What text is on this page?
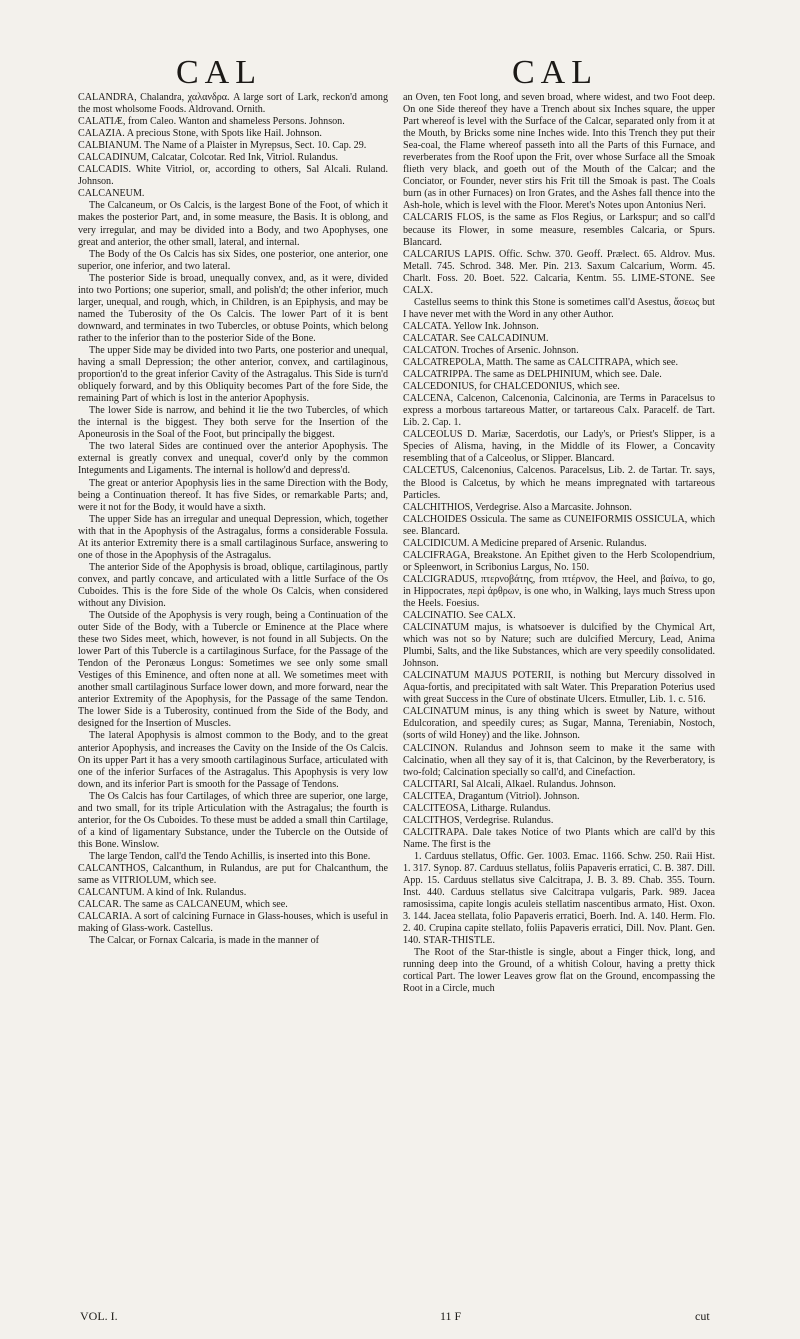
CAL	CAL

CALANDRA, Chalandra, χαλανδρα. A large sort of Lark, reckon'd among the most wholsome Foods. Aldrovand. Ornith.

CALATIÆ, from Caleo. Wanton and shameless Persons. Johnson.

CALAZIA. A precious Stone, with Spots like Hail. Johnson.

CALBIANUM. The Name of a Plaister in Myrepsus, Sect. 10. Cap. 29.

CALCADINUM, Calcatar, Colcotar. Red Ink, Vitriol. Rulandus.

CALCADIS. White Vitriol, or, according to others, Sal Alcali. Ruland. Johnson.

CALCANEUM.

The Calcaneum, or Os Calcis, is the largest Bone of the Foot, of which it makes the posterior Part, and, in some measure, the Basis. It is oblong, and very irregular, and may be divided into a Body, and two Apophyses, one great and anterior, the other small, lateral, and internal.

The Body of the Os Calcis has six Sides, one posterior, one anterior, one superior, one inferior, and two lateral.

The posterior Side is broad, unequally convex, and, as it were, divided into two Portions; one superior, small, and polish'd; the other inferior, much larger, unequal, and rough, which, in Children, is an Epiphysis, and may be named the Tuberosity of the Os Calcis. The lower Part of it is bent downward, and terminates in two Tubercles, or obtuse Points, which belong rather to the inferior than to the posterior Side of the Bone.

The upper Side may be divided into two Parts, one posterior and unequal, having a small Depression; the other anterior, convex, and cartilaginous, proportion'd to the great inferior Cavity of the Astragalus. This Side is turn'd obliquely forward, and by this Obliquity becomes Part of the fore Side, the remaining Part of which is lost in the anterior Apophysis.

The lower Side is narrow, and behind it lie the two Tubercles, of which the internal is the biggest. They both serve for the Insertion of the Aponeurosis in the Soal of the Foot, but principally the biggest.

The two lateral Sides are continued over the anterior Apophysis. The external is greatly convex and unequal, cover'd only by the common Integuments and Ligaments. The internal is hollow'd and depress'd.

The great or anterior Apophysis lies in the same Direction with the Body, being a Continuation thereof. It has five Sides, or remarkable Parts; and, were it not for the Body, it would have a sixth.

The upper Side has an irregular and unequal Depression, which, together with that in the Apophysis of the Astragalus, forms a considerable Fossula. At its anterior Extremity there is a small cartilaginous Surface, answering to one of those in the Apophysis of the Astragalus.

The anterior Side of the Apophysis is broad, oblique, cartilaginous, partly convex, and partly concave, and articulated with a little Surface of the Os Cuboides. This is the fore Side of the whole Os Calcis, when considered without any Division.

The Outside of the Apophysis is very rough, being a Continuation of the outer Side of the Body, with a Tubercle or Eminence at the Place where these two Sides meet, which, however, is not found in all Subjects. On the lower Part of this Tubercle is a cartilaginous Surface, for the Passage of the Tendon of the Peronæus Longus: Sometimes we see only some small Vestiges of this Eminence, and often none at all. We sometimes meet with another small cartilaginous Surface lower down, and more forward, near the anterior Extremity of the Apophysis, for the Passage of the same Tendon. The lower Side is a Tuberosity, continued from the Side of the Body, and designed for the Insertion of Muscles.

The lateral Apophysis is almost common to the Body, and to the great anterior Apophysis, and increases the Cavity on the Inside of the Os Calcis. On its upper Part it has a very smooth cartilaginous Surface, articulated with one of the inferior Surfaces of the Astragalus. This Apophysis is very low down, and its inferior Part is smooth for the Passage of Tendons.

The Os Calcis has four Cartilages, of which three are superior, one large, and two small, for its triple Articulation with the Astragalus; the fourth is anterior, for the Os Cuboides. To these must be added a small thin Cartilage, of a kind of ligamentary Substance, under the Tubercle on the Outside of this Bone. Winslow.

The large Tendon, call'd the Tendo Achillis, is inserted into this Bone.

CALCANTHOS, Calcanthum, in Rulandus, are put for Chalcanthum, the same as VITRIOLUM, which see.

CALCANTUM. A kind of Ink. Rulandus.

CALCAR. The same as CALCANEUM, which see.

CALCARIA. A sort of calcining Furnace in Glass-houses, which is useful in making of Glass-work. Castellus.

The Calcar, or Fornax Calcaria, is made in the manner of

an Oven, ten Foot long, and seven broad, where widest, and two Foot deep. On one Side thereof they have a Trench about six Inches square, the upper Part whereof is level with the Surface of the Calcar, separated only from it at the Mouth, by Bricks some nine Inches wide. Into this Trench they put their Sea-coal, the Flame whereof passeth into all the Parts of this Furnace, and reverberates from the Roof upon the Frit, over whose Surface all the Smoak flieth very black, and goeth out of the Mouth of the Calcar; and the Conciator, or Founder, never stirs his Frit till the Smoak is past. The Coals burn (as in other Furnaces) on Iron Grates, and the Ashes fall thence into the Ash-hole, which is level with the Floor. Meret's Notes upon Antonius Neri.

CALCARIS FLOS, is the same as Flos Regius, or Larkspur; and so call'd because its Flower, in some measure, resembles Calcaria, or Spurs. Blancard.

CALCARIUS LAPIS. Offic. Schw. 370. Geoff. Prælect. 65. Aldrov. Mus. Metall. 745. Schrod. 348. Mer. Pin. 213. Saxum Calcarium, Worm. 45. Charlt. Foss. 20. Boet. 522. Calcaria, Kentm. 55. LIME-STONE. See CALX.

Castellus seems to think this Stone is sometimes call'd Asestus, ἄσεως but I have never met with the Word in any other Author.

CALCATA. Yellow Ink. Johnson.

CALCATAR. See CALCADINUM.

CALCATON. Troches of Arsenic. Johnson.

CALCATREPOLA, Matth. The same as CALCITRAPA, which see.

CALCATRIPPA. The same as DELPHINIUM, which see. Dale.

CALCEDONIUS, for CHALCEDONIUS, which see.

CALCENA, Calcenon, Calcenonia, Calcinonia, are Terms in Paracelsus to express a morbous tartareous Matter, or tartareous Calx. Paracelf. de Tart. Lib. 2. Cap. 1.

CALCEOLUS D. Mariæ, Sacerdotis, our Lady's, or Priest's Slipper, is a Species of Alisma, having, in the Middle of its Flower, a Concavity resembling that of a Calceolus, or Slipper. Blancard.

CALCETUS, Calcenonius, Calcenos. Paracelsus, Lib. 2. de Tartar. Tr. says, the Blood is Calcetus, by which he means impregnated with tartareous Particles.

CALCHITHIOS, Verdegrise. Also a Marcasite. Johnson.

CALCHOIDES Ossicula. The same as CUNEIFORMIS OSSICULA, which see. Blancard.

CALCIDICUM. A Medicine prepared of Arsenic. Rulandus.

CALCIFRAGA, Breakstone. An Epithet given to the Herb Scolopendrium, or Spleenwort, in Scribonius Largus, No. 150.

CALCIGRADUS, πτερνοβάτης, from πτέρνον, the Heel, and βαίνω, to go, in Hippocrates, περὶ ἀρθρων, is one who, in Walking, lays much Stress upon the Heels. Foesius.

CALCINATIO. See CALX.

CALCINATUM majus, is whatsoever is dulcified by the Chymical Art, which was not so by Nature; such are dulcified Mercury, Lead, Anima Plumbi, Salts, and the like Substances, which are very speedily consolidated. Johnson.

CALCINATUM MAJUS POTERII, is nothing but Mercury dissolved in Aqua-fortis, and precipitated with salt Water. This Preparation Poterius used with great Success in the Cure of obstinate Ulcers. Etmuller, Lib. 1. c. 516.

CALCINATUM minus, is any thing which is sweet by Nature, without Edulcoration, and speedily cures; as Sugar, Manna, Tereniabin, Nostoch, (sorts of wild Honey) and the like. Johnson.

CALCINON. Rulandus and Johnson seem to make it the same with Calcinatio, when all they say of it is, that Calcinon, by the Reverberatory, is two-fold; Calcination specially so call'd, and Cinefaction.

CALCITARI, Sal Alcali, Alkael. Rulandus. Johnson.

CALCITEA, Dragantum (Vitriol). Johnson.

CALCITEOSA, Litharge. Rulandus.

CALCITHOS, Verdegrise. Rulandus.

CALCITRAPA. Dale takes Notice of two Plants which are call'd by this Name. The first is the

1. Carduus stellatus, Offic. Ger. 1003. Emac. 1166. Schw. 250. Raii Hist. 1. 317. Synop. 87. Carduus stellatus, foliis Papaveris erratici, C. B. 387. Dill. App. 15. Carduus stellatus sive Calcitrapa, J. B. 3. 89. Chab. 355. Tourn. Inst. 440. Carduus stellatus sive Calcitrapa vulgaris, Park. 989. Jacea ramosissima, capite longis aculeis stellatim nascentibus armato, Hist. Oxon. 3. 144. Jacea stellata, folio Papaveris erratici, Boerh. Ind. A. 140. Herm. Flo. 2. 40. Crupina capite stellato, foliis Papaveris erratici, Dill. Nov. Plant. Gen. 140. STAR-THISTLE.

The Root of the Star-thistle is single, about a Finger thick, long, and running deep into the Ground, of a whitish Colour, having a pretty thick cortical Part. The lower Leaves grow flat on the Ground, encompassing the Root in a Circle, much

VOL. I.	11 F	cut
